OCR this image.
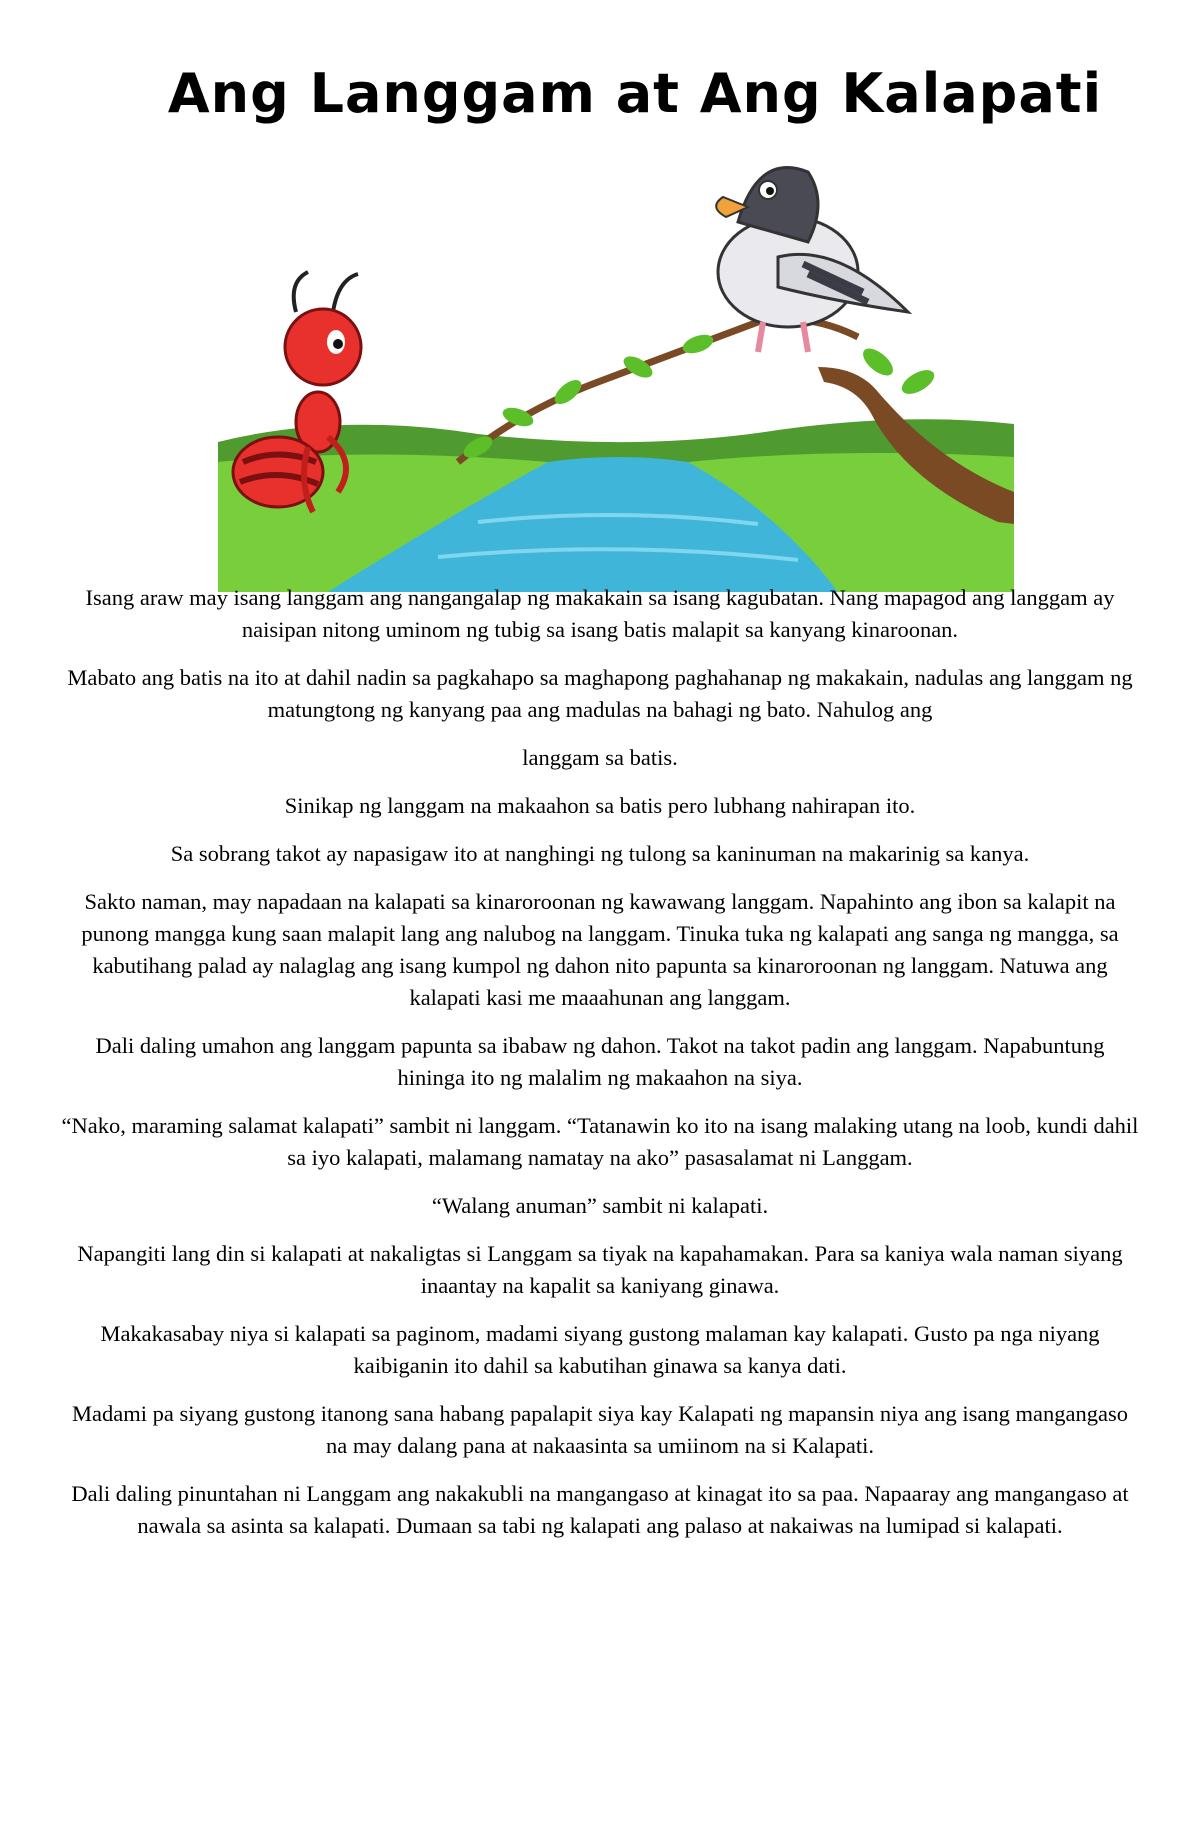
Ang Langgam at Ang Kalapati

Isang araw may isang langgam ang nangangalap ng makakain sa isang kagubatan. Nang mapagod ang langgam ay naisipan nitong uminom ng tubig sa isang batis malapit sa kanyang kinaroonan.

Mabato ang batis na ito at dahil nadin sa pagkahapo sa maghapong paghahanap ng makakain, nadulas ang langgam ng matungtong ng kanyang paa ang madulas na bahagi ng bato. Nahulog ang

langgam sa batis.

Sinikap ng langgam na makaahon sa batis pero lubhang nahirapan ito.

Sa sobrang takot ay napasigaw ito at nanghingi ng tulong sa kaninuman na makarinig sa kanya.

Sakto naman, may napadaan na kalapati sa kinaroroonan ng kawawang langgam. Napahinto ang ibon sa kalapit na punong mangga kung saan malapit lang ang nalubog na langgam. Tinuka tuka ng kalapati ang sanga ng mangga, sa kabutihang palad ay nalaglag ang isang kumpol ng dahon nito papunta sa kinaroroonan ng langgam. Natuwa ang kalapati kasi me maaahunan ang langgam.

Dali daling umahon ang langgam papunta sa ibabaw ng dahon. Takot na takot padin ang langgam. Napabuntung hininga ito ng malalim ng makaahon na siya.

“Nako, maraming salamat kalapati” sambit ni langgam. “Tatanawin ko ito na isang malaking utang na loob, kundi dahil sa iyo kalapati, malamang namatay na ako” pasasalamat ni Langgam.

“Walang anuman” sambit ni kalapati.

Napangiti lang din si kalapati at nakaligtas si Langgam sa tiyak na kapahamakan. Para sa kaniya wala naman siyang inaantay na kapalit sa kaniyang ginawa.

Makakasabay niya si kalapati sa paginom, madami siyang gustong malaman kay kalapati. Gusto pa nga niyang kaibiganin ito dahil sa kabutihan ginawa sa kanya dati.

Madami pa siyang gustong itanong sana habang papalapit siya kay Kalapati ng mapansin niya ang isang mangangaso na may dalang pana at nakaasinta sa umiinom na si Kalapati.

Dali daling pinuntahan ni Langgam ang nakakubli na mangangaso at kinagat ito sa paa. Napaaray ang mangangaso at nawala sa asinta sa kalapati. Dumaan sa tabi ng kalapati ang palaso at nakaiwas na lumipad si kalapati.
